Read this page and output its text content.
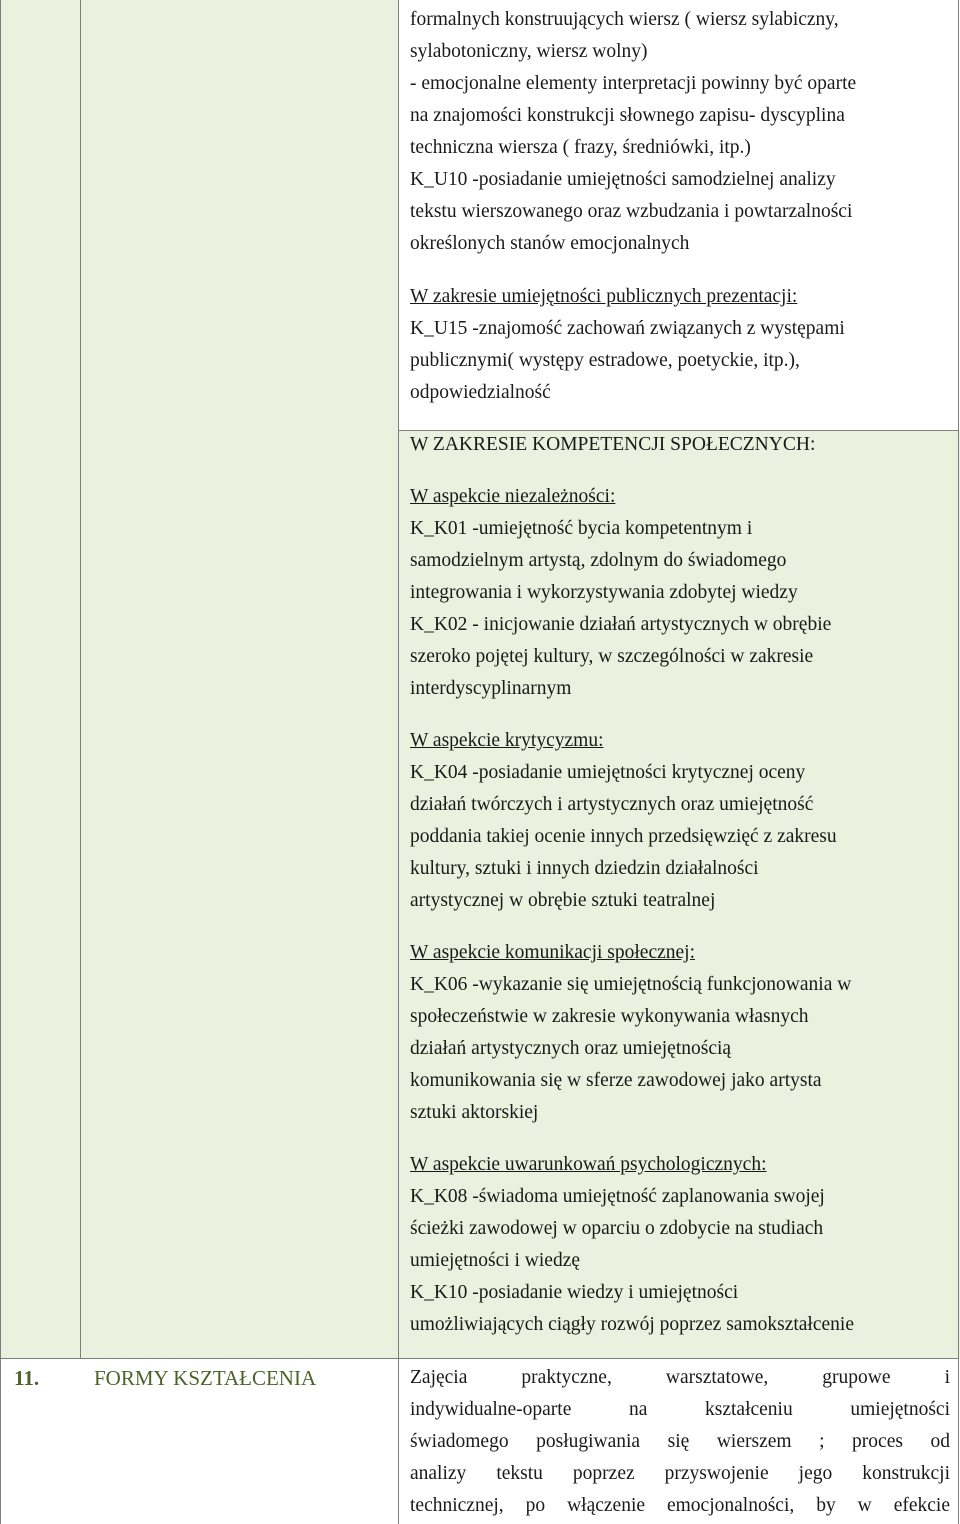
formalnych konstruujących wiersz ( wiersz sylabiczny,
sylabotoniczny, wiersz wolny)
- emocjonalne elementy interpretacji powinny być oparte
na znajomości konstrukcji słownego zapisu- dyscyplina
techniczna wiersza ( frazy, średniówki, itp.)
K_U10 -posiadanie umiejętności samodzielnej analizy
tekstu wierszowanego oraz wzbudzania i powtarzalności
określonych stanów emocjonalnych
W zakresie umiejętności publicznych prezentacji:
K_U15 -znajomość zachowań związanych z występami
publicznymi( występy estradowe, poetyckie, itp.),
odpowiedzialność
W ZAKRESIE KOMPETENCJI SPOŁECZNYCH:
W aspekcie niezależności:
K_K01 -umiejętność bycia kompetentnym i
samodzielnym artystą, zdolnym do świadomego
integrowania i wykorzystywania zdobytej wiedzy
K_K02 - inicjowanie działań artystycznych w obrębie
szeroko pojętej kultury, w szczególności w zakresie
interdyscyplinarnym
W aspekcie krytycyzmu:
K_K04 -posiadanie umiejętności krytycznej oceny
działań twórczych i artystycznych oraz umiejętność
poddania takiej ocenie innych przedsięwzięć z zakresu
kultury, sztuki i innych dziedzin działalności
artystycznej w obrębie sztuki teatralnej
W aspekcie komunikacji społecznej:
K_K06 -wykazanie się umiejętnością funkcjonowania w
społeczeństwie w zakresie wykonywania własnych
działań artystycznych oraz umiejętnością
komunikowania się w sferze zawodowej jako artysta
sztuki aktorskiej
W aspekcie uwarunkowań psychologicznych:
K_K08 -świadoma umiejętność zaplanowania swojej
ścieżki zawodowej w oparciu o zdobycie na studiach
umiejętności i wiedzę
K_K10 -posiadanie wiedzy i umiejętności
umożliwiających ciągły rozwój poprzez samokształcenie
11.	FORMY KSZTAŁCENIA	Zajęcia praktyczne, warsztatowe, grupowe i
indywidualne-oparte na kształceniu umiejętności
świadomego posługiwania się wierszem ; proces od
analizy tekstu poprzez przyswojenie jego konstrukcji
technicznej, po włączenie emocjonalności, by w efekcie
